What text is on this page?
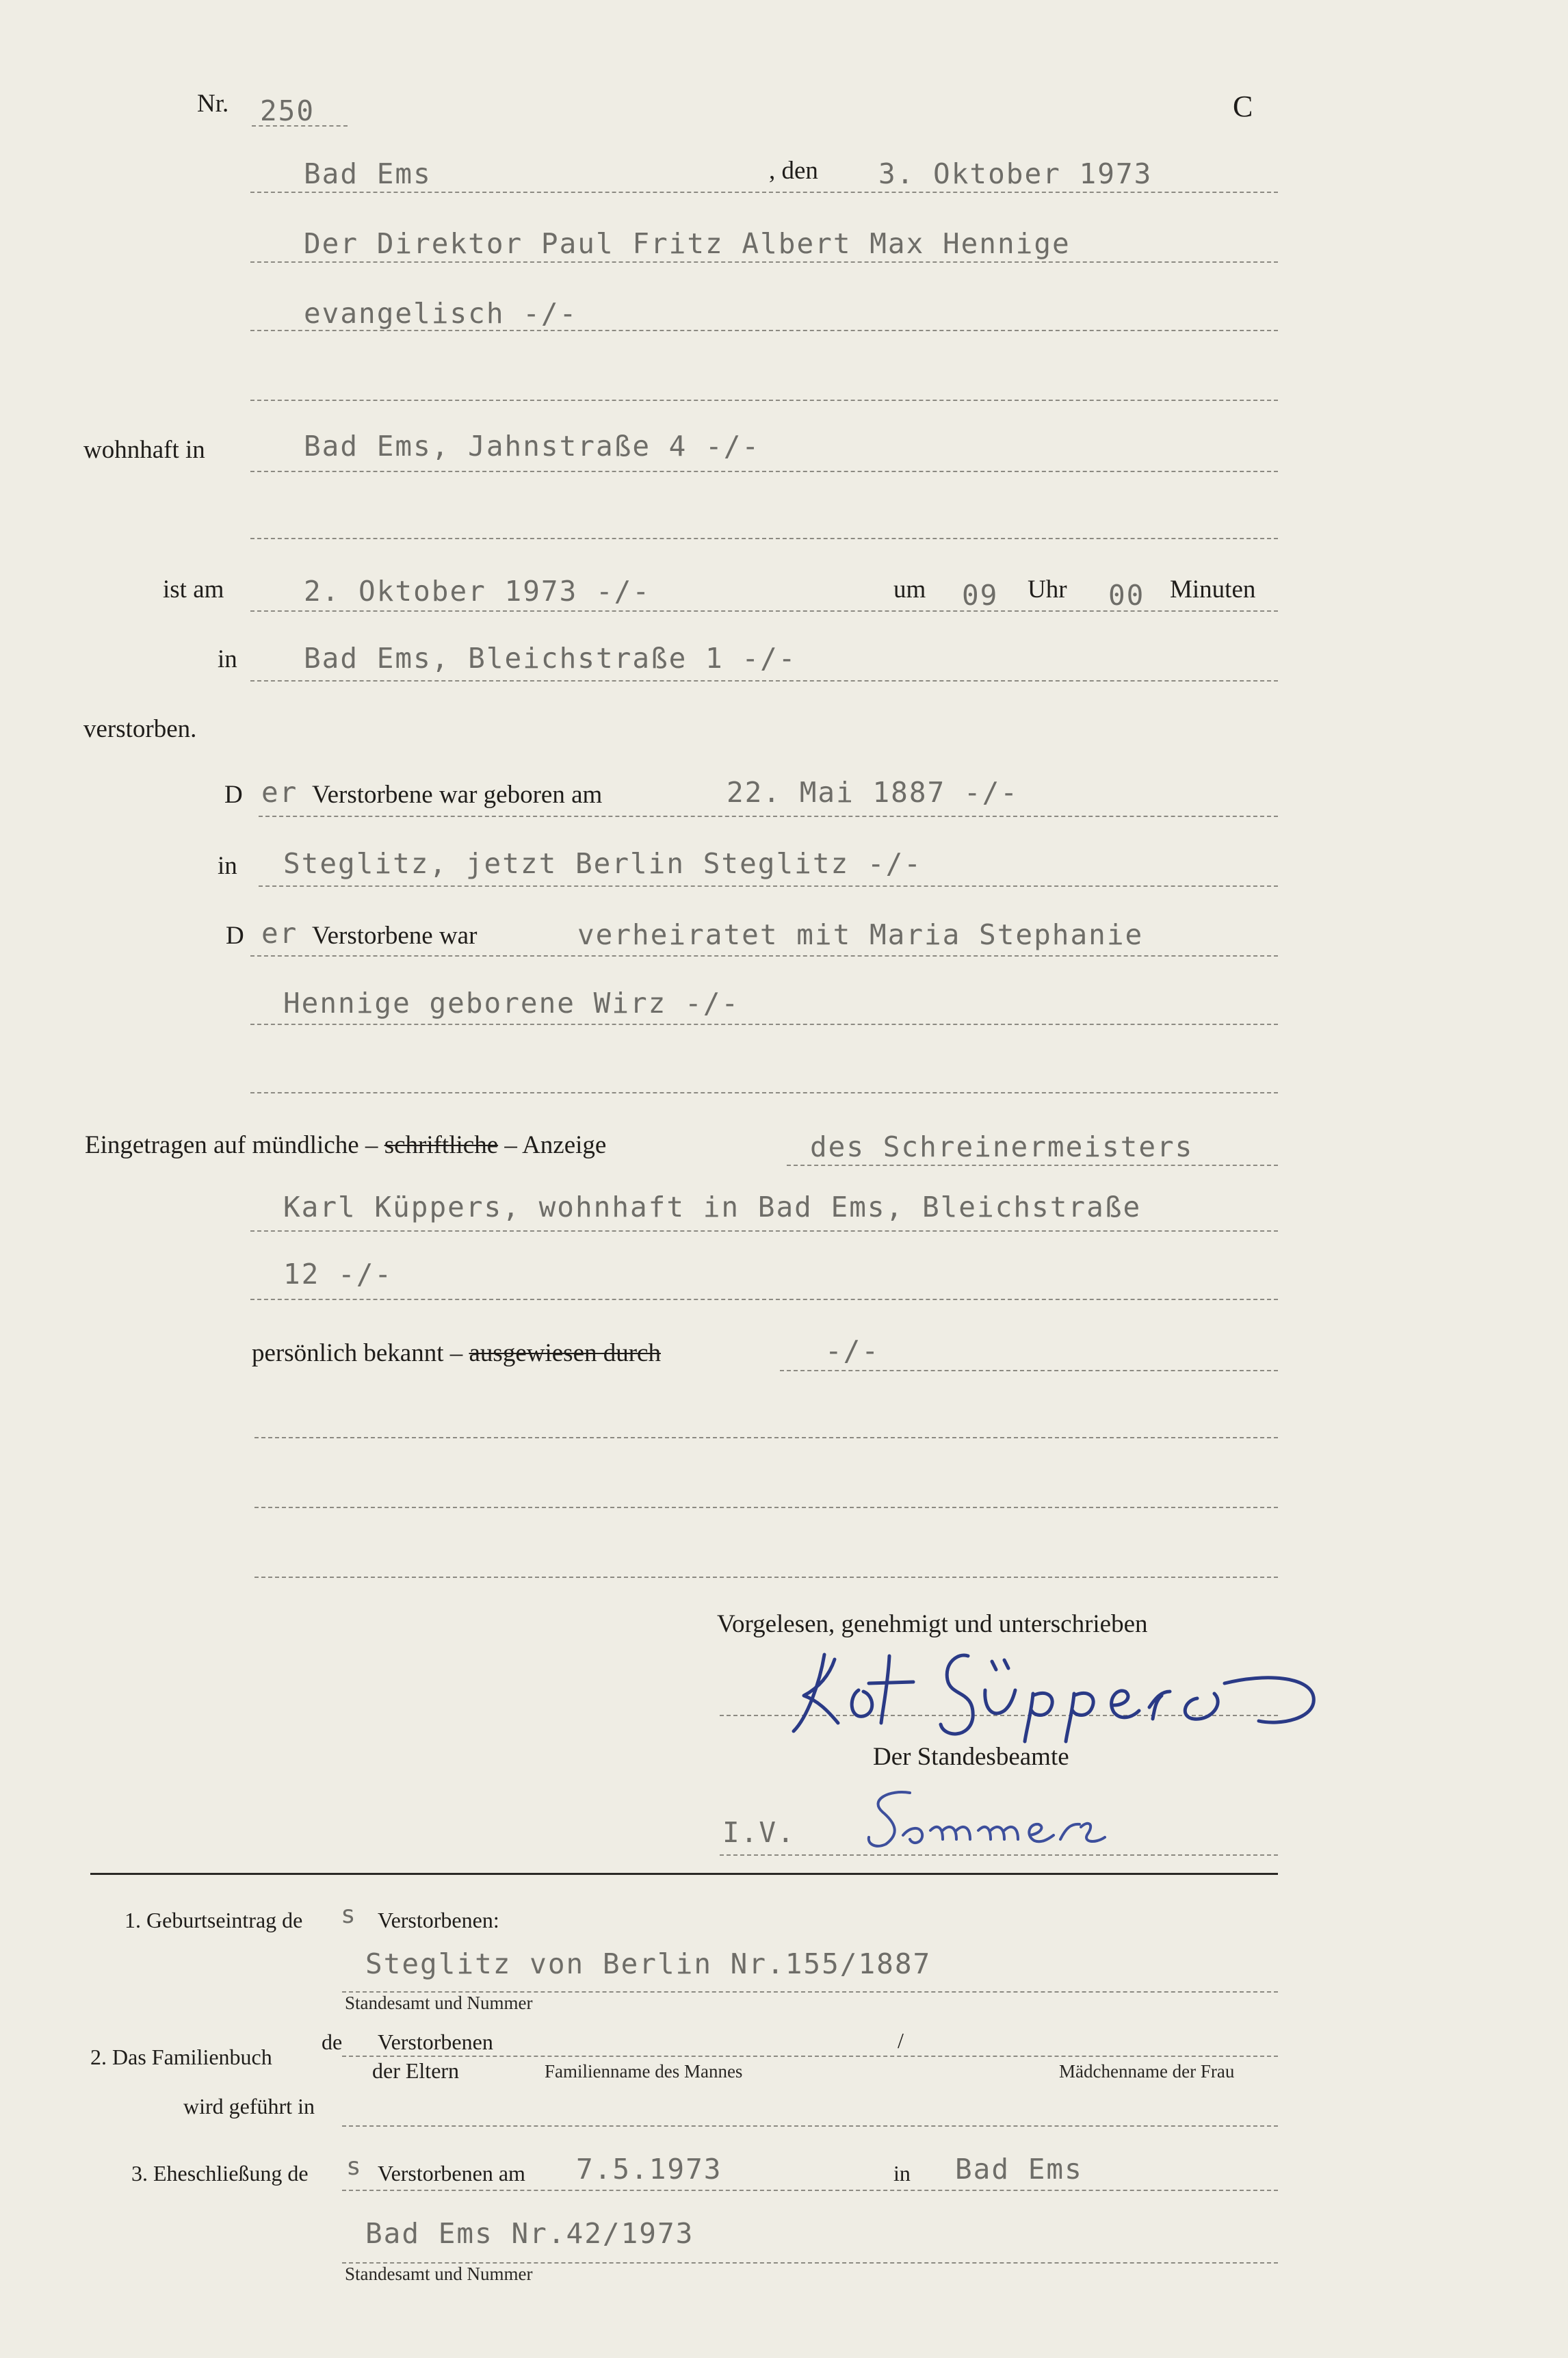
Nr. 250	C
Bad Ems	, den 3. Oktober 1973
Der Direktor Paul Fritz Albert Max Hennige
evangelisch -/-
wohnhaft in	Bad Ems, Jahnstraße 4 -/-
ist am	2. Oktober 1973 -/-	um 09 Uhr 00 Minuten
in Bad Ems, Bleichstraße 1 -/-
verstorben.
D er Verstorbene war geboren am	22. Mai 1887 -/-
in Steglitz, jetzt Berlin Steglitz -/-
D er Verstorbene war	verheiratet mit Maria Stephanie
Hennige geborene Wirz -/-
Eingetragen auf mündliche – schriftliche – Anzeige	des Schreinermeisters
Karl Küppers, wohnhaft in Bad Ems, Bleichstraße
12 -/-
persönlich bekannt – ausgewiesen durch	-/-
Vorgelesen, genehmigt und unterschrieben
Der Standesbeamte
I.V.
1. Geburtseintrag de s Verstorbenen:
Steglitz von Berlin Nr.155/1887
Standesamt und Nummer
2. Das Familienbuch
de Verstorbenen	/
der Eltern	Familienname des Mannes	Mädchenname der Frau
wird geführt in
3. Eheschließung de s Verstorbenen am 7.5.1973	in Bad Ems
Bad Ems Nr.42/1973
Standesamt und Nummer
